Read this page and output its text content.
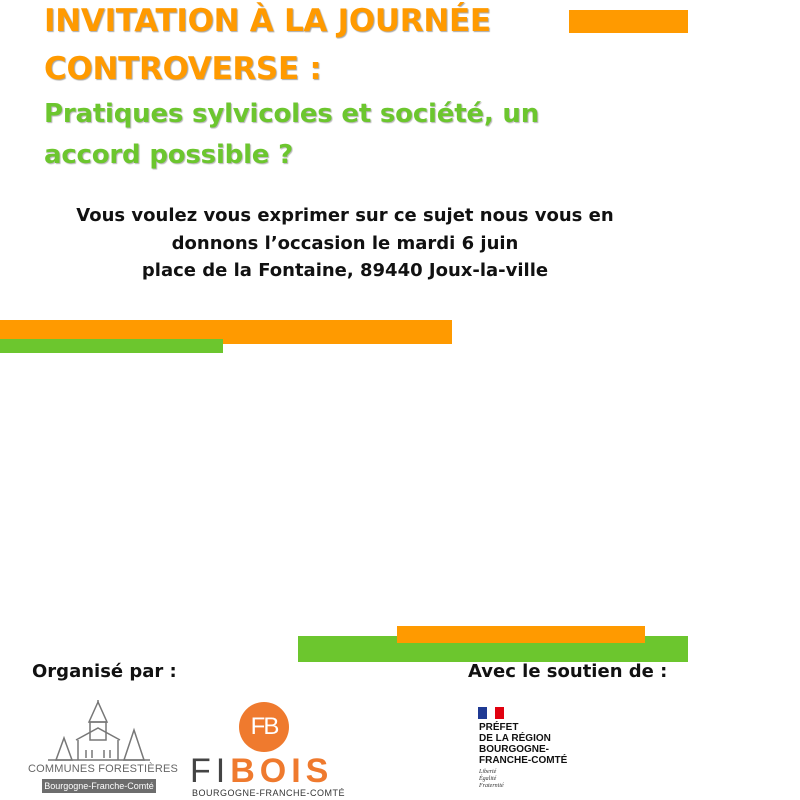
INVITATION À LA JOURNÉE
CONTROVERSE :
Pratiques sylvicoles et société, un
accord possible ?
Vous voulez vous exprimer sur ce sujet nous vous en
donnons l’occasion le mardi 6 juin
place de la Fontaine, 89440 Joux-la-ville
Organisé par :	Avec le soutien de :
COMMUNES FORESTIÈRES
Bourgogne-Franche-Comté
FB
FIBOIS
BOURGOGNE-FRANCHE-COMTÉ
PRÉFET
DE LA RÉGION
BOURGOGNE-
FRANCHE-COMTÉ
Liberté
Égalité
Fraternité
